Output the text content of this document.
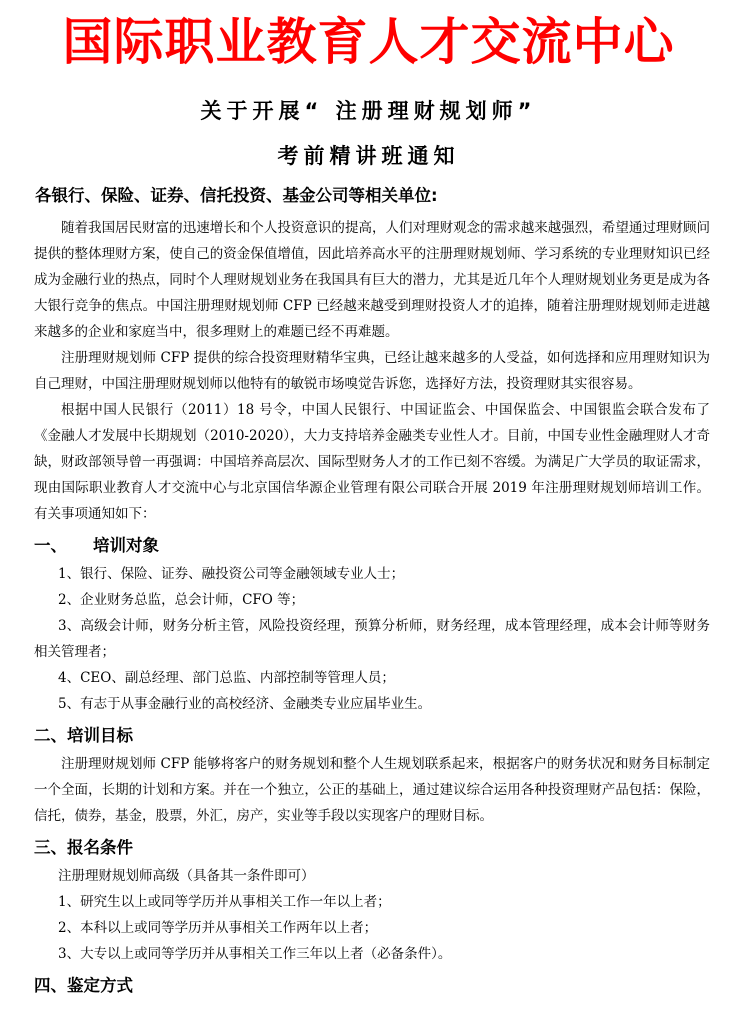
国际职业教育人才交流中心
关于开展“ 注册理财规划师”
考前精讲班通知
各银行、保险、证券、信托投资、基金公司等相关单位:

随着我国居民财富的迅速增长和个人投资意识的提高，人们对理财观念的需求越来越强烈，希望通过理财顾问提供的整体理财方案，使自己的资金保值增值，因此培养高水平的注册理财规划师、学习系统的专业理财知识已经成为金融行业的热点，同时个人理财规划业务在我国具有巨大的潜力，尤其是近几年个人理财规划业务更是成为各大银行竞争的焦点。中国注册理财规划师 CFP 已经越来越受到理财投资人才的追捧，随着注册理财规划师走进越来越多的企业和家庭当中，很多理财上的难题已经不再难题。

注册理财规划师 CFP 提供的综合投资理财精华宝典，已经让越来越多的人受益，如何选择和应用理财知识为自己理财，中国注册理财规划师以他特有的敏锐市场嗅觉告诉您，选择好方法，投资理财其实很容易。

根据中国人民银行（2011）18 号令，中国人民银行、中国证监会、中国保监会、中国银监会联合发布了《金融人才发展中长期规划（2010-2020），大力支持培养金融类专业性人才。目前，中国专业性金融理财人才奇缺，财政部领导曾一再强调：中国培养高层次、国际型财务人才的工作已刻不容缓。为满足广大学员的取证需求，现由国际职业教育人才交流中心与北京国信华源企业管理有限公司联合开展 2019 年注册理财规划师培训工作。有关事项通知如下：

一、 培训对象

1、银行、保险、证券、融投资公司等金融领域专业人士；

2、企业财务总监，总会计师，CFO 等；

3、高级会计师，财务分析主管，风险投资经理，预算分析师，财务经理，成本管理经理，成本会计师等财务相关管理者；

4、CEO、副总经理、部门总监、内部控制等管理人员；

5、有志于从事金融行业的高校经济、金融类专业应届毕业生。

二、培训目标

注册理财规划师 CFP 能够将客户的财务规划和整个人生规划联系起来，根据客户的财务状况和财务目标制定一个全面，长期的计划和方案。并在一个独立，公正的基础上，通过建议综合运用各种投资理财产品包括：保险，信托，债券，基金，股票，外汇，房产，实业等手段以实现客户的理财目标。

三、报名条件

注册理财规划师高级（具备其一条件即可）

1、研究生以上或同等学历并从事相关工作一年以上者；

2、本科以上或同等学历并从事相关工作两年以上者；

3、大专以上或同等学历并从事相关工作三年以上者（必备条件）。

四、鉴定方式
